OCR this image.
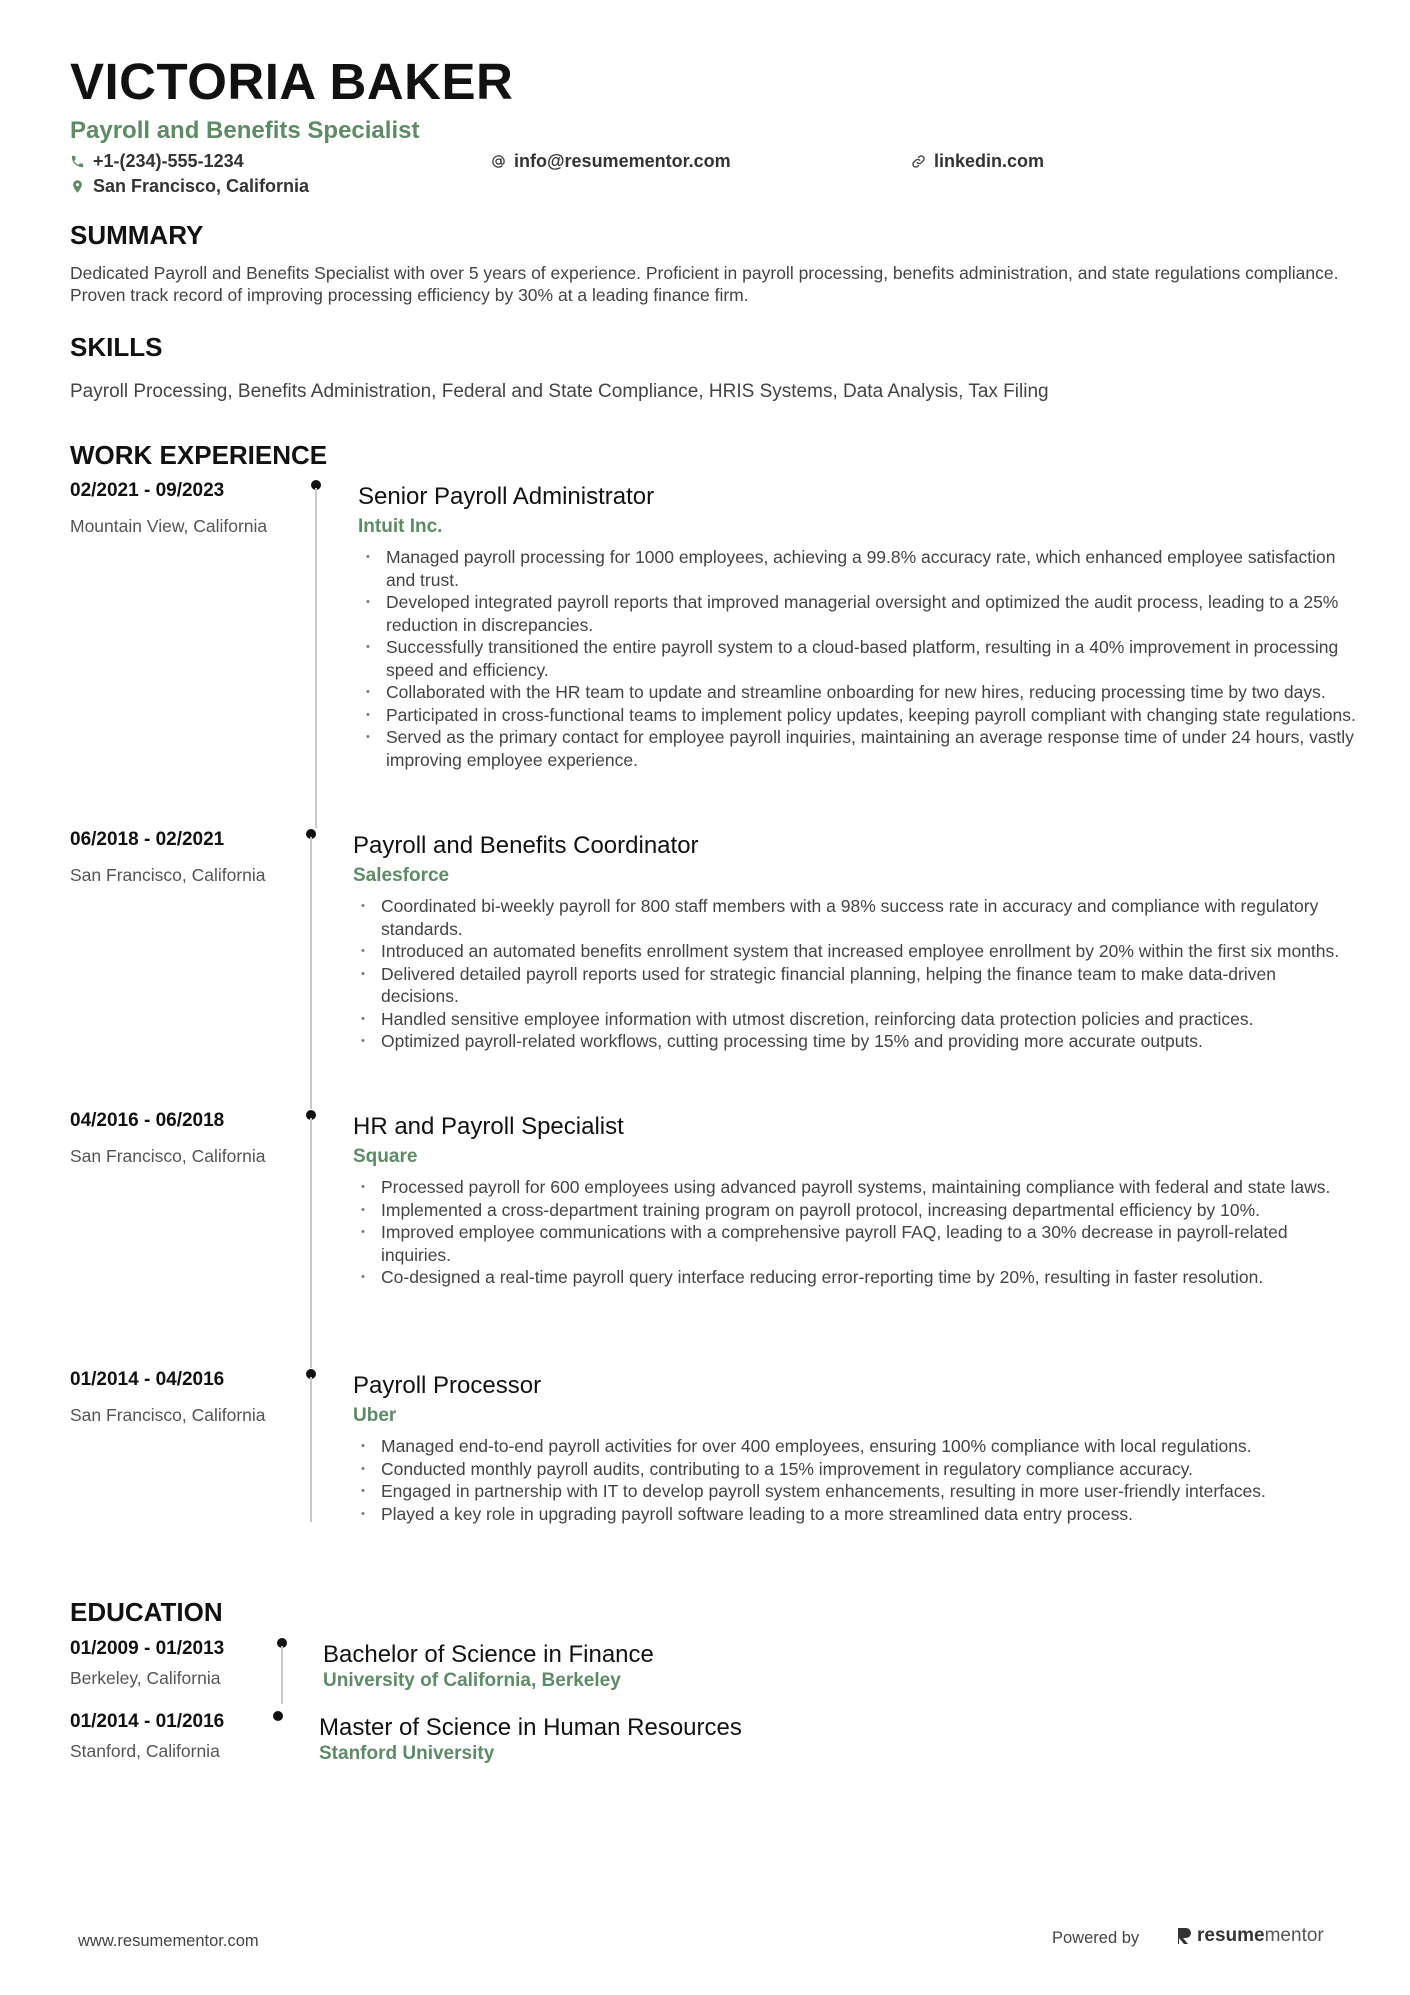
VICTORIA BAKER
Payroll and Benefits Specialist
+1-(234)-555-1234	info@resumementor.com	linkedin.com
San Francisco, California
SUMMARY
Dedicated Payroll and Benefits Specialist with over 5 years of experience. Proficient in payroll processing, benefits administration, and state regulations compliance. Proven track record of improving processing efficiency by 30% at a leading finance firm.
SKILLS
Payroll Processing, Benefits Administration, Federal and State Compliance, HRIS Systems, Data Analysis, Tax Filing
WORK EXPERIENCE
02/2021 - 09/2023
Mountain View, California
Senior Payroll Administrator
Intuit Inc.
• Managed payroll processing for 1000 employees, achieving a 99.8% accuracy rate, which enhanced employee satisfaction and trust.
• Developed integrated payroll reports that improved managerial oversight and optimized the audit process, leading to a 25% reduction in discrepancies.
• Successfully transitioned the entire payroll system to a cloud-based platform, resulting in a 40% improvement in processing speed and efficiency.
• Collaborated with the HR team to update and streamline onboarding for new hires, reducing processing time by two days.
• Participated in cross-functional teams to implement policy updates, keeping payroll compliant with changing state regulations.
• Served as the primary contact for employee payroll inquiries, maintaining an average response time of under 24 hours, vastly improving employee experience.
06/2018 - 02/2021
San Francisco, California
Payroll and Benefits Coordinator
Salesforce
• Coordinated bi-weekly payroll for 800 staff members with a 98% success rate in accuracy and compliance with regulatory standards.
• Introduced an automated benefits enrollment system that increased employee enrollment by 20% within the first six months.
• Delivered detailed payroll reports used for strategic financial planning, helping the finance team to make data-driven decisions.
• Handled sensitive employee information with utmost discretion, reinforcing data protection policies and practices.
• Optimized payroll-related workflows, cutting processing time by 15% and providing more accurate outputs.
04/2016 - 06/2018
San Francisco, California
HR and Payroll Specialist
Square
• Processed payroll for 600 employees using advanced payroll systems, maintaining compliance with federal and state laws.
• Implemented a cross-department training program on payroll protocol, increasing departmental efficiency by 10%.
• Improved employee communications with a comprehensive payroll FAQ, leading to a 30% decrease in payroll-related inquiries.
• Co-designed a real-time payroll query interface reducing error-reporting time by 20%, resulting in faster resolution.
01/2014 - 04/2016
San Francisco, California
Payroll Processor
Uber
• Managed end-to-end payroll activities for over 400 employees, ensuring 100% compliance with local regulations.
• Conducted monthly payroll audits, contributing to a 15% improvement in regulatory compliance accuracy.
• Engaged in partnership with IT to develop payroll system enhancements, resulting in more user-friendly interfaces.
• Played a key role in upgrading payroll software leading to a more streamlined data entry process.
EDUCATION
01/2009 - 01/2013
Berkeley, California
Bachelor of Science in Finance
University of California, Berkeley
01/2014 - 01/2016
Stanford, California
Master of Science in Human Resources
Stanford University
www.resumementor.com	Powered by	resumementor
